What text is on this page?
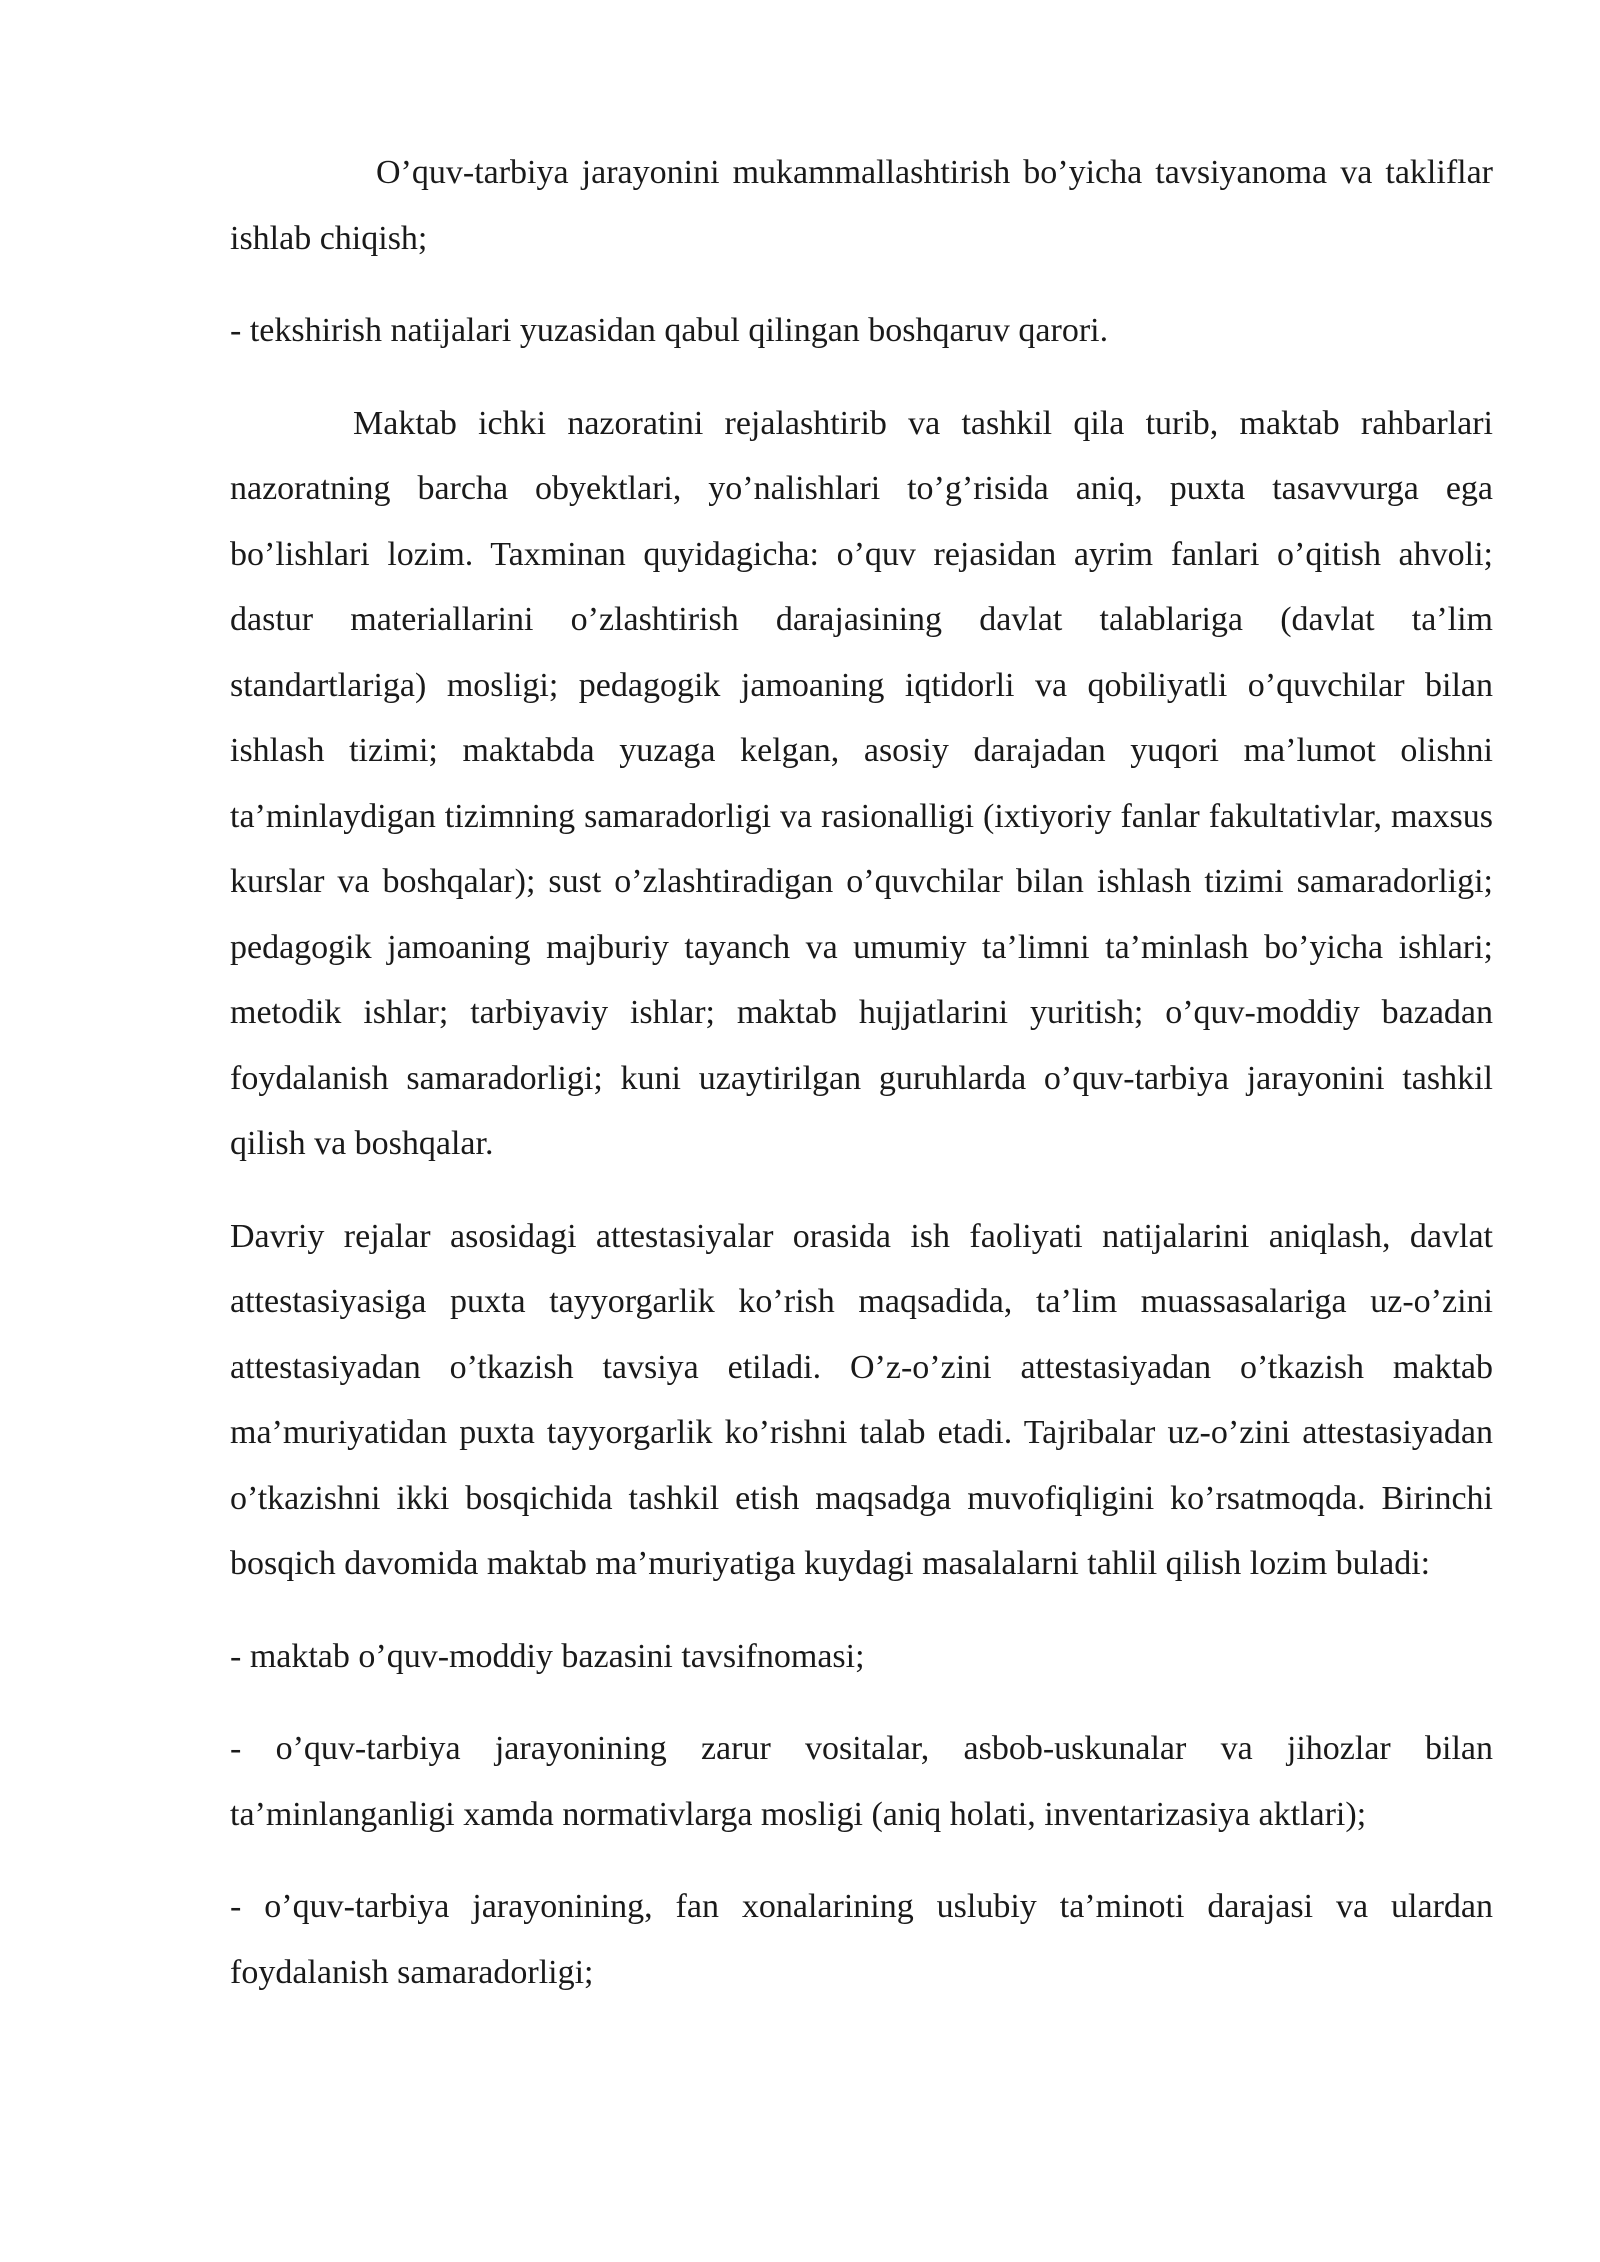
O’quv-tarbiya jarayonini mukammallashtirish bo’yicha tavsiyanoma va takliflar ishlab chiqish;

- tekshirish natijalari yuzasidan qabul qilingan boshqaruv qarori.

Maktab ichki nazoratini rejalashtirib va tashkil qila turib, maktab rahbarlari nazoratning barcha obyektlari, yo’nalishlari to’g’risida aniq, puxta tasavvurga ega bo’lishlari lozim. Taxminan quyidagicha: o’quv rejasidan ayrim fanlari o’qitish ahvoli; dastur materiallarini o’zlashtirish darajasining davlat talablariga (davlat ta’lim standartlariga) mosligi; pedagogik jamoaning iqtidorli va qobiliyatli o’quvchilar bilan ishlash tizimi; maktabda yuzaga kelgan, asosiy darajadan yuqori ma’lumot olishni ta’minlaydigan tizimning samaradorligi va rasionalligi (ixtiyoriy fanlar fakultativlar, maxsus kurslar va boshqalar); sust o’zlashtiradigan o’quvchilar bilan ishlash tizimi samaradorligi; pedagogik jamoaning majburiy tayanch va umumiy ta’limni ta’minlash bo’yicha ishlari; metodik ishlar; tarbiyaviy ishlar; maktab hujjatlarini yuritish; o’quv-moddiy bazadan foydalanish samaradorligi; kuni uzaytirilgan guruhlarda o’quv-tarbiya jarayonini tashkil qilish va boshqalar.

Davriy rejalar asosidagi attestasiyalar orasida ish faoliyati natijalarini aniqlash, davlat attestasiyasiga puxta tayyorgarlik ko’rish maqsadida, ta’lim muassasalariga uz-o’zini attestasiyadan o’tkazish tavsiya etiladi. O’z-o’zini attestasiyadan o’tkazish maktab ma’muriyatidan puxta tayyorgarlik ko’rishni talab etadi. Tajribalar uz-o’zini attestasiyadan o’tkazishni ikki bosqichida tashkil etish maqsadga muvofiqligini ko’rsatmoqda. Birinchi bosqich davomida maktab ma’muriyatiga kuydagi masalalarni tahlil qilish lozim buladi:

- maktab o’quv-moddiy bazasini tavsifnomasi;

- o’quv-tarbiya jarayonining zarur vositalar, asbob-uskunalar va jihozlar bilan ta’minlanganligi xamda normativlarga mosligi (aniq holati, inventarizasiya aktlari);

- o’quv-tarbiya jarayonining, fan xonalarining uslubiy ta’minoti darajasi va ulardan foydalanish samaradorligi;
